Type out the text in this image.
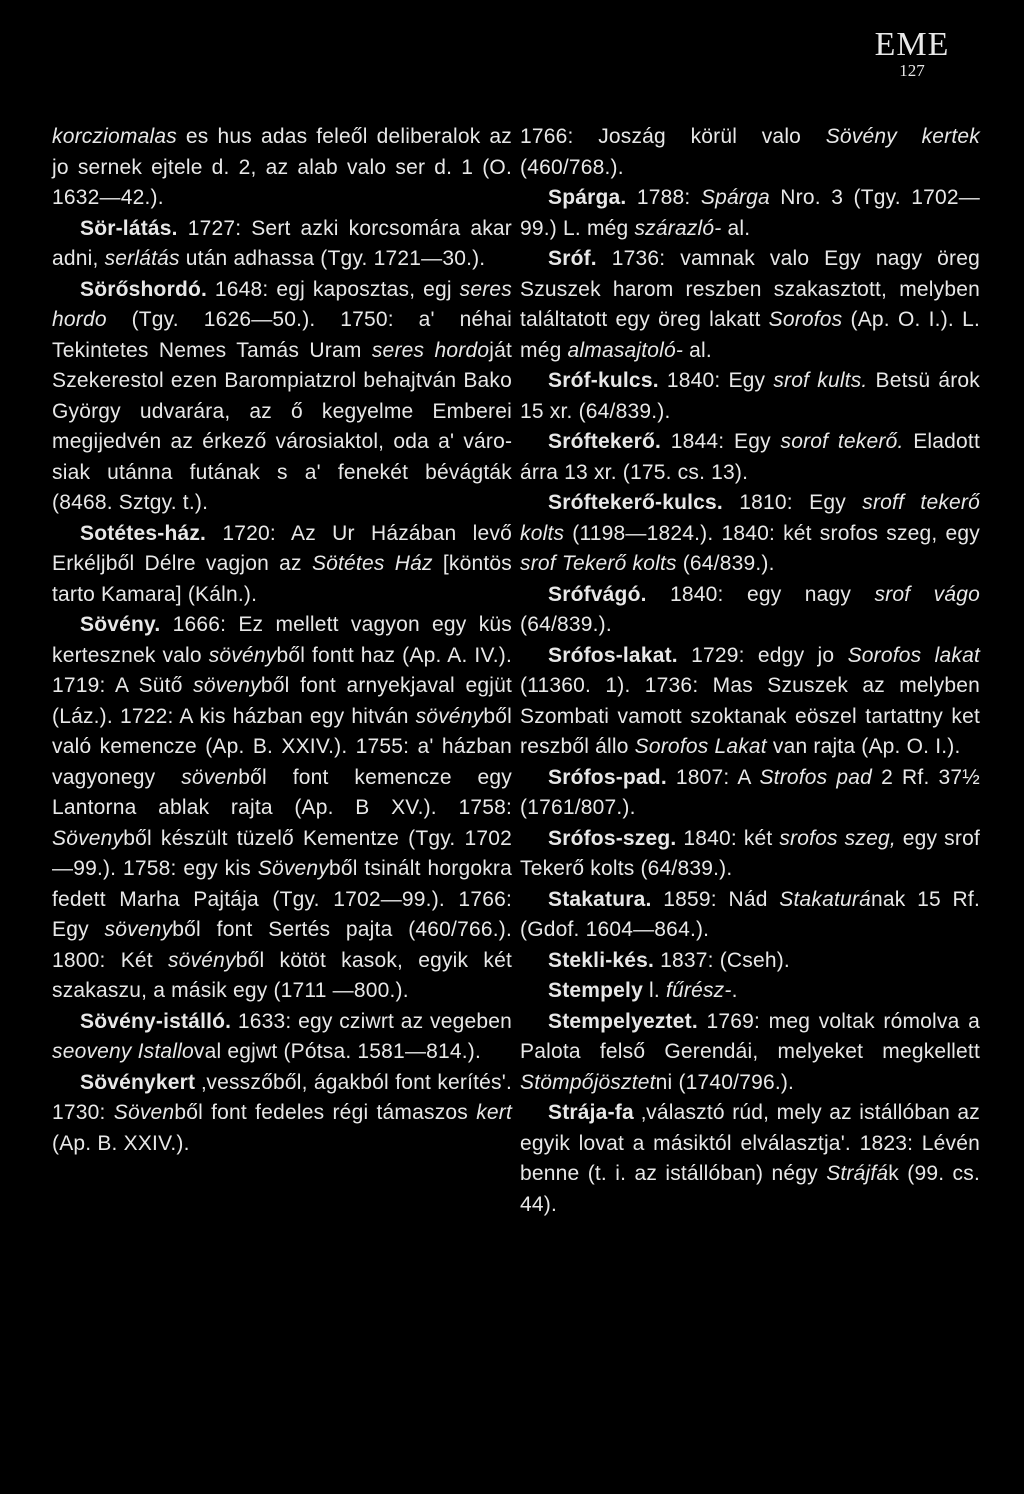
EME
127

korcziomalas es hus adas feleől deliberalok az jo sernek ejtele d. 2, az alab valo ser d. 1 (O. 1632—42.).

Sör-látás. 1727: Sert azki korcsomára akar adni, serlátás után adhassa (Tgy. 1721—30.).

Sörőshordó. 1648: egj kaposztas, egj seres hordo (Tgy. 1626—50.). 1750: a' néhai Tekintetes Nemes Tamás Uram seres hordoját Szekerestol ezen Barompiatzrol behajtván Bako György udvarára, az ő kegyelme Emberei megijedvén az érkező városiaktol, oda a' városiak utánna futának s a' fenekét bévágták (8468. Sztgy. t.).

Sotétes-ház. 1720: Az Ur Házában levő Erkéljből Délre vagjon az Sötétes Ház [köntös tarto Kamara] (Káln.).

Sövény. 1666: Ez mellett vagyon egy küs kertesznek valo sövényből fontt haz (Ap. A. IV.). 1719: A Sütő sövenyből font arnyekjaval egjüt (Láz.). 1722: A kis házban egy hitván sövényből való kemencze (Ap. B. XXIV.). 1755: a' házban vagyonegy sövenből font kemencze egy Lantorna ablak rajta (Ap. B XV.). 1758: Sövenyből készült tüzelő Kementze (Tgy. 1702—99.). 1758: egy kis Sövenyből tsinált horgokra fedett Marha Pajtája (Tgy. 1702—99.). 1766: Egy sövenyből font Sertés pajta (460/766.). 1800: Két sövényből kötöt kasok, egyik két szakaszu, a másik egy (1711 —800.).

Sövény-istálló. 1633: egy cziwrt az vegeben seoveny Istalloval egjwt (Pótsa. 1581—814.).

Sövénykert ‚vesszőből, ágakból font kerítés'. 1730: Sövenből font fedeles régi támaszos kert (Ap. B. XXIV.).

1766: Joszág körül valo Sövény kertek (460/768.).

Spárga. 1788: Spárga Nro. 3 (Tgy. 1702—99.) L. még szárazló- al.

Sróf. 1736: vamnak valo Egy nagy öreg Szuszek harom reszben szakasztott, melyben találtatott egy öreg lakatt Sorofos (Ap. O. I.). L. még almasajtoló- al.

Sróf-kulcs. 1840: Egy srof kults. Betsü árok 15 xr. (64/839.).

Sróftekerő. 1844: Egy sorof tekerő. Eladott árra 13 xr. (175. cs. 13).

Sróftekerő-kulcs. 1810: Egy sroff tekerő kolts (1198—1824.). 1840: két srofos szeg, egy srof Tekerő kolts (64/839.).

Srófvágó. 1840: egy nagy srof vágo (64/839.).

Srófos-lakat. 1729: edgy jo Sorofos lakat (11360. 1). 1736: Mas Szuszek az melyben Szombati vamott szoktanak eöszel tartattny ket reszből állo Sorofos Lakat van rajta (Ap. O. I.).

Srófos-pad. 1807: A Strofos pad 2 Rf. 37½ (1761/807.).

Srófos-szeg. 1840: két srofos szeg, egy srof Tekerő kolts (64/839.).

Stakatura. 1859: Nád Stakaturának 15 Rf. (Gdof. 1604—864.).

Stekli-kés. 1837: (Cseh).

Stempely l. fűrész-.

Stempelyeztet. 1769: meg voltak rómolva a Palota felső Gerendái, melyeket megkellett Stömpőjösztetni (1740/796.).

Strája-fa ‚választó rúd, mely az istállóban az egyik lovat a másiktól elválasztja'. 1823: Lévén benne (t. i. az istállóban) négy Strájfák (99. cs. 44).
